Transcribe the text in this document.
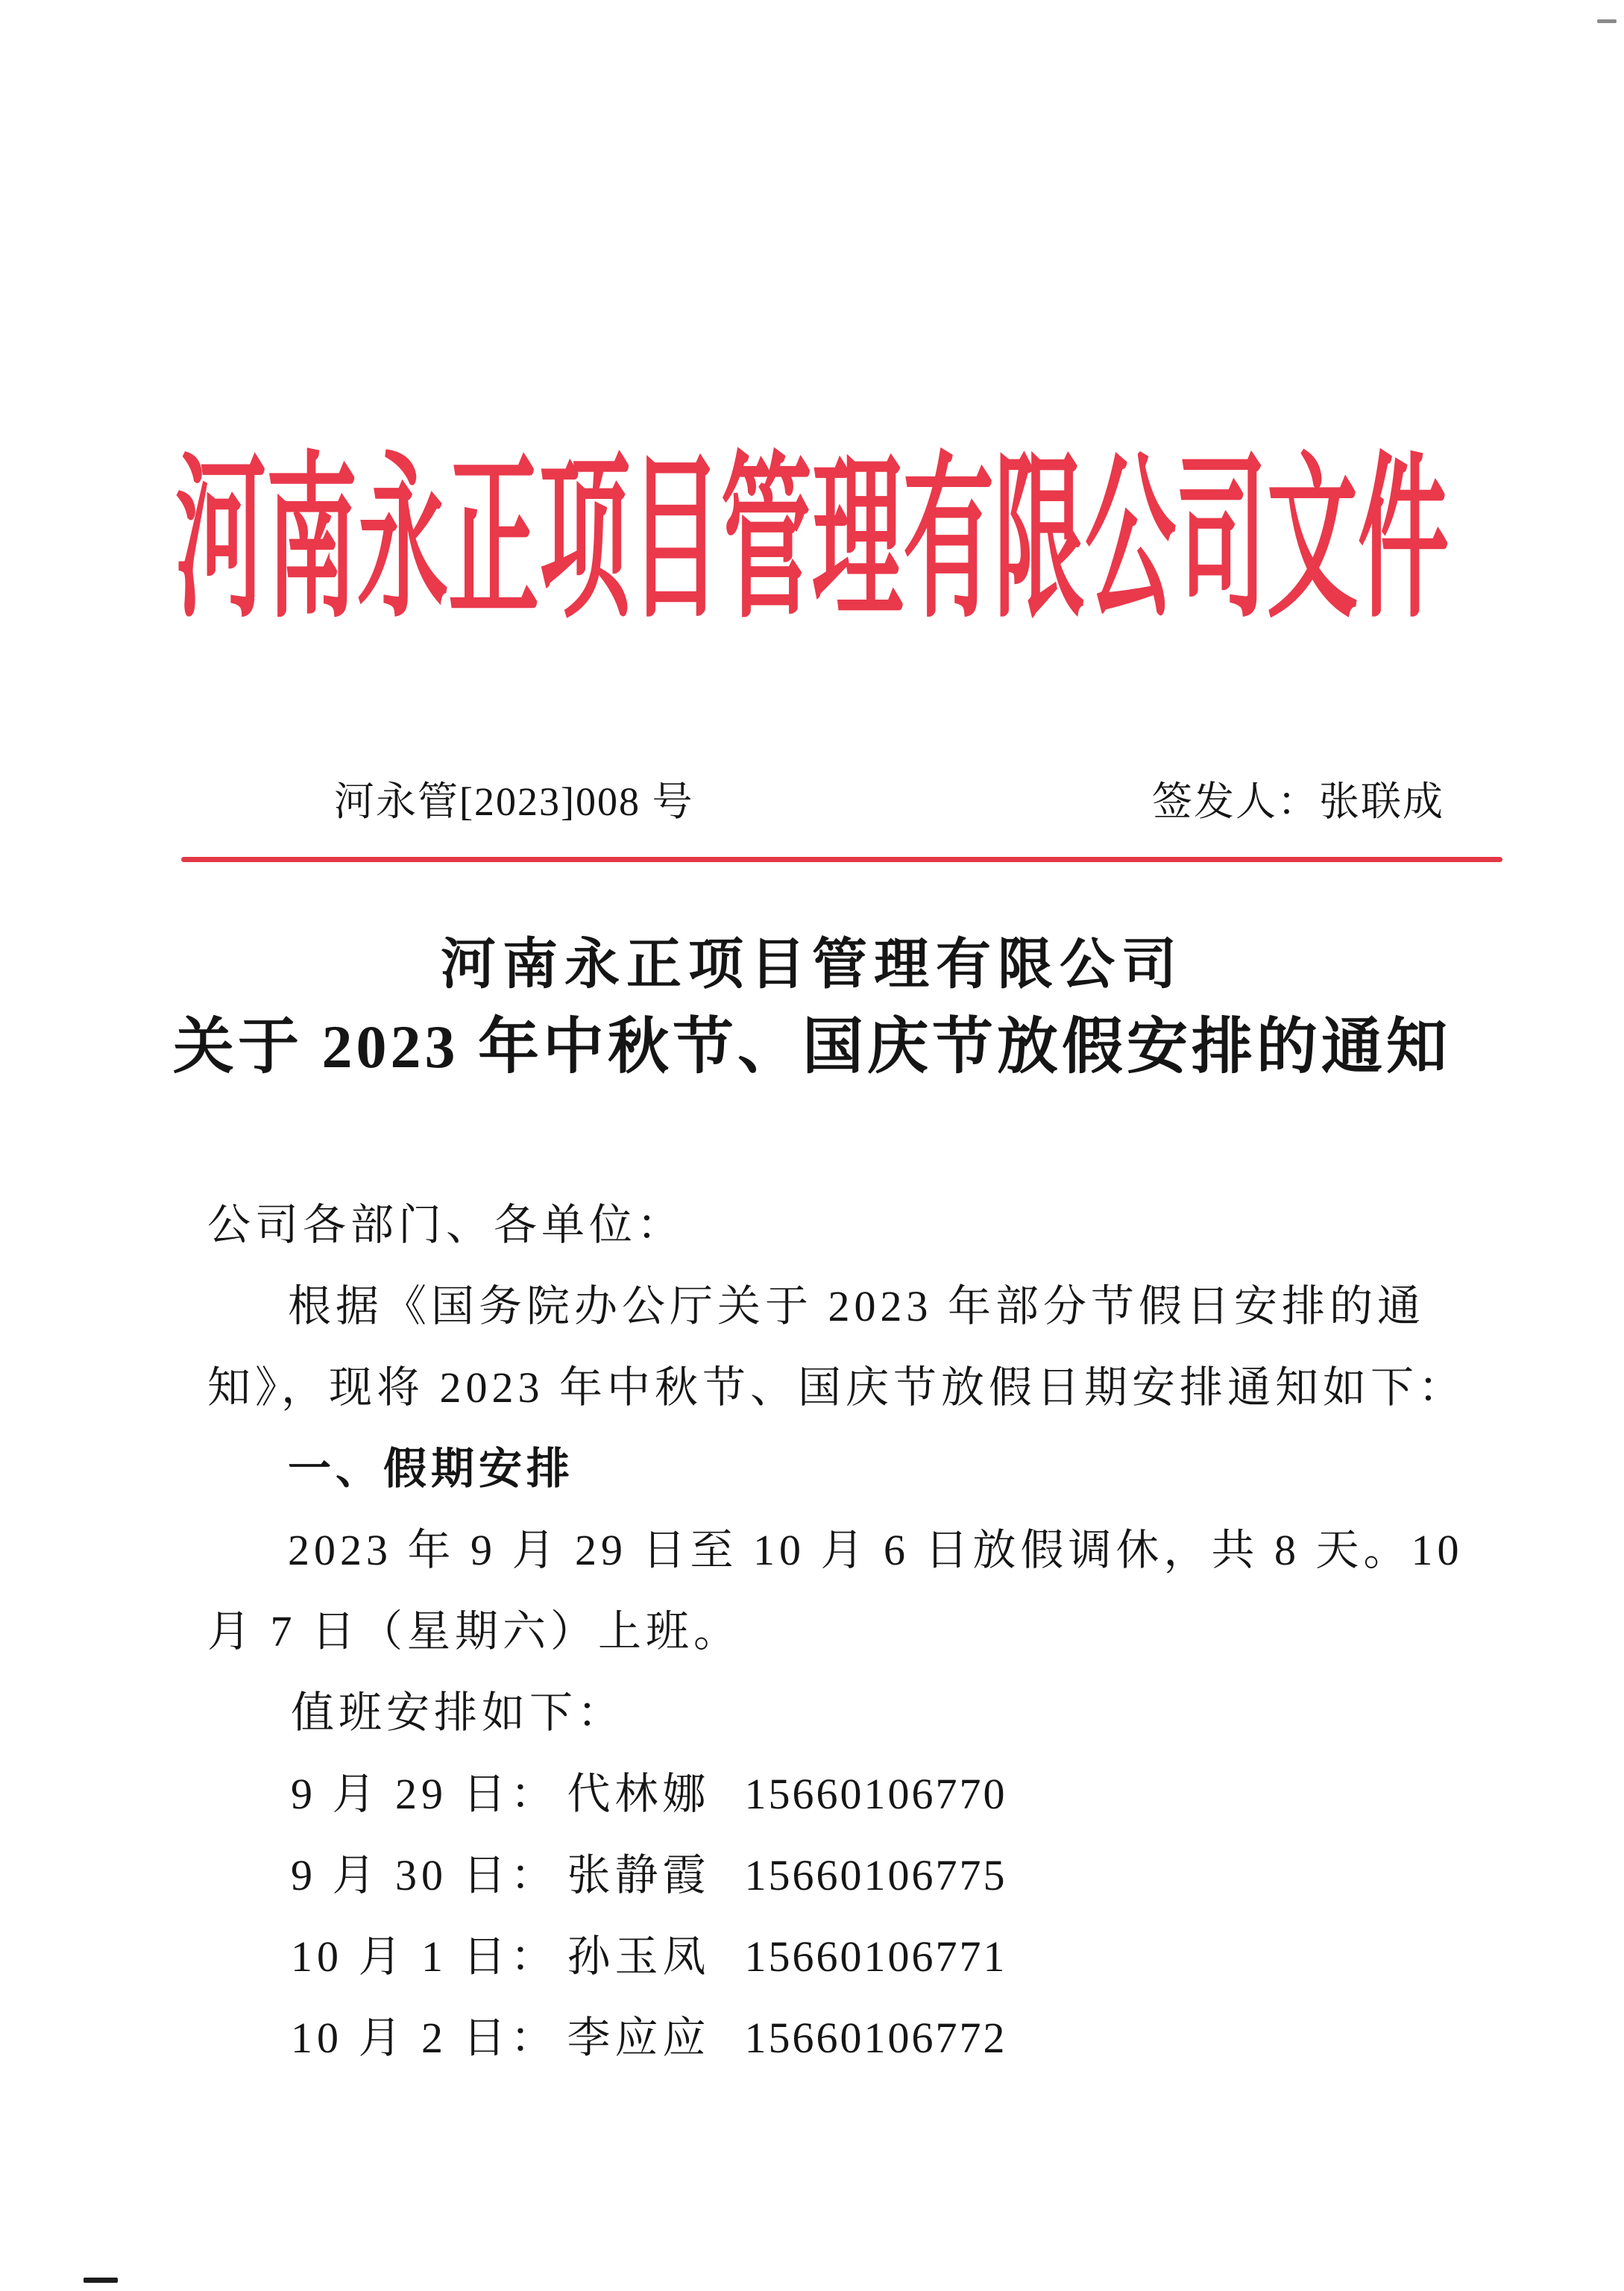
河南永正项目管理有限公司文件
河永管[2023]008 号	签发人：张联成
河南永正项目管理有限公司
关于 2023 年中秋节、国庆节放假安排的通知
公司各部门、各单位：
根据《国务院办公厅关于 2023 年部分节假日安排的通
知》，现将 2023 年中秋节、国庆节放假日期安排通知如下：
一、假期安排
2023 年 9 月 29 日至 10 月 6 日放假调休，共 8 天。10
月 7 日（星期六）上班。
值班安排如下：
9 月 29 日： 代林娜 15660106770
9 月 30 日： 张静霞 15660106775
10 月 1 日： 孙玉凤 15660106771
10 月 2 日： 李应应 15660106772
